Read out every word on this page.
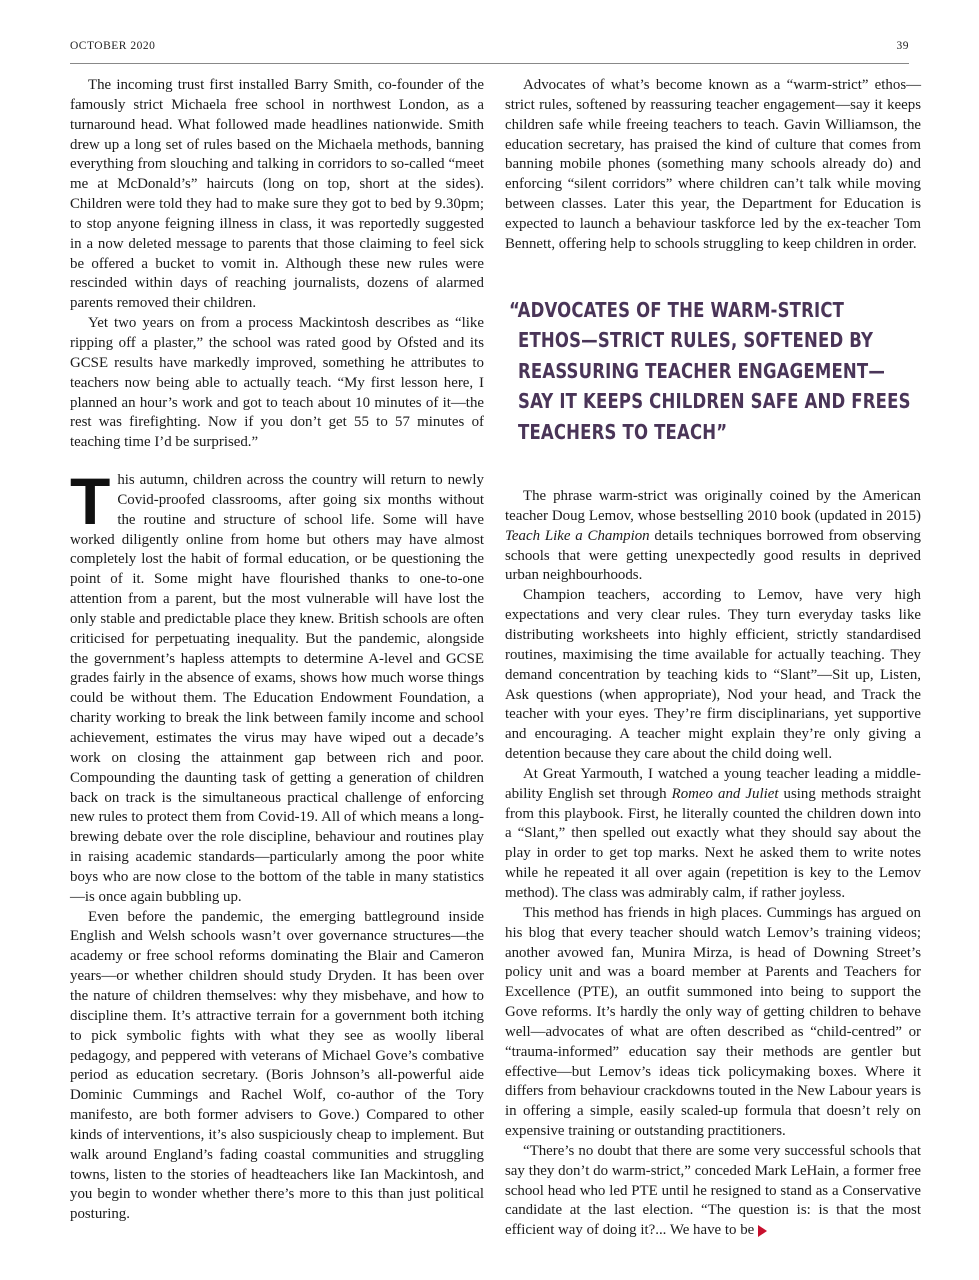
OCTOBER 2020	39

The incoming trust first installed Barry Smith, co-founder of the famously strict Michaela free school in northwest London, as a turnaround head. What followed made headlines nationwide. Smith drew up a long set of rules based on the Michaela methods, banning everything from slouching and talking in corridors to so-called “meet me at McDonald’s” haircuts (long on top, short at the sides). Children were told they had to make sure they got to bed by 9.30pm; to stop anyone feigning illness in class, it was reportedly suggested in a now deleted message to parents that those claiming to feel sick be offered a bucket to vomit in. Although these new rules were rescinded within days of reaching journalists, dozens of alarmed parents removed their children.

Yet two years on from a process Mackintosh describes as “like ripping off a plaster,” the school was rated good by Ofsted and its GCSE results have markedly improved, something he attributes to teachers now being able to actually teach. “My first lesson here, I planned an hour’s work and got to teach about 10 minutes of it—the rest was firefighting. Now if you don’t get 55 to 57 minutes of teaching time I’d be surprised.”

This autumn, children across the country will return to newly Covid-proofed classrooms, after going six months without the routine and structure of school life. Some will have worked diligently online from home but others may have almost completely lost the habit of formal education, or be questioning the point of it. Some might have flourished thanks to one-to-one attention from a parent, but the most vulnerable will have lost the only stable and predictable place they knew. British schools are often criticised for perpetuating inequality. But the pandemic, alongside the government’s hapless attempts to determine A-level and GCSE grades fairly in the absence of exams, shows how much worse things could be without them. The Education Endowment Foundation, a charity working to break the link between family income and school achievement, estimates the virus may have wiped out a decade’s work on closing the attainment gap between rich and poor. Compounding the daunting task of getting a generation of children back on track is the simultaneous practical challenge of enforcing new rules to protect them from Covid-19. All of which means a long-brewing debate over the role discipline, behaviour and routines play in raising academic standards—particularly among the poor white boys who are now close to the bottom of the table in many statistics—is once again bubbling up.

Even before the pandemic, the emerging battleground inside English and Welsh schools wasn’t over governance structures—the academy or free school reforms dominating the Blair and Cameron years—or whether children should study Dryden. It has been over the nature of children themselves: why they misbehave, and how to discipline them. It’s attractive terrain for a government both itching to pick symbolic fights with what they see as woolly liberal pedagogy, and peppered with veterans of Michael Gove’s combative period as education secretary. (Boris Johnson’s all-powerful aide Dominic Cummings and Rachel Wolf, co-author of the Tory manifesto, are both former advisers to Gove.) Compared to other kinds of interventions, it’s also suspiciously cheap to implement. But walk around England’s fading coastal communities and struggling towns, listen to the stories of headteachers like Ian Mackintosh, and you begin to wonder whether there’s more to this than just political posturing.

Advocates of what’s become known as a “warm-strict” ethos—strict rules, softened by reassuring teacher engagement—say it keeps children safe while freeing teachers to teach. Gavin Williamson, the education secretary, has praised the kind of culture that comes from banning mobile phones (something many schools already do) and enforcing “silent corridors” where children can’t talk while moving between classes. Later this year, the Department for Education is expected to launch a behaviour taskforce led by the ex-teacher Tom Bennett, offering help to schools struggling to keep children in order.

“ADVOCATES OF THE WARM-STRICT
ETHOS—STRICT RULES, SOFTENED BY
REASSURING TEACHER ENGAGEMENT—
SAY IT KEEPS CHILDREN SAFE AND FREES
TEACHERS TO TEACH”

The phrase warm-strict was originally coined by the American teacher Doug Lemov, whose bestselling 2010 book (updated in 2015) Teach Like a Champion details techniques borrowed from observing schools that were getting unexpectedly good results in deprived urban neighbourhoods.

Champion teachers, according to Lemov, have very high expectations and very clear rules. They turn everyday tasks like distributing worksheets into highly efficient, strictly standardised routines, maximising the time available for actually teaching. They demand concentration by teaching kids to “Slant”—Sit up, Listen, Ask questions (when appropriate), Nod your head, and Track the teacher with your eyes. They’re firm disciplinarians, yet supportive and encouraging. A teacher might explain they’re only giving a detention because they care about the child doing well.

At Great Yarmouth, I watched a young teacher leading a middle-ability English set through Romeo and Juliet using methods straight from this playbook. First, he literally counted the children down into a “Slant,” then spelled out exactly what they should say about the play in order to get top marks. Next he asked them to write notes while he repeated it all over again (repetition is key to the Lemov method). The class was admirably calm, if rather joyless.

This method has friends in high places. Cummings has argued on his blog that every teacher should watch Lemov’s training videos; another avowed fan, Munira Mirza, is head of Downing Street’s policy unit and was a board member at Parents and Teachers for Excellence (PTE), an outfit summoned into being to support the Gove reforms. It’s hardly the only way of getting children to behave well—advocates of what are often described as “child-centred” or “trauma-informed” education say their methods are gentler but effective—but Lemov’s ideas tick policymaking boxes. Where it differs from behaviour crackdowns touted in the New Labour years is in offering a simple, easily scaled-up formula that doesn’t rely on expensive training or outstanding practitioners.

“There’s no doubt that there are some very successful schools that say they don’t do warm-strict,” conceded Mark LeHain, a former free school head who led PTE until he resigned to stand as a Conservative candidate at the last election. “The question is: is that the most efficient way of doing it?... We have to be
